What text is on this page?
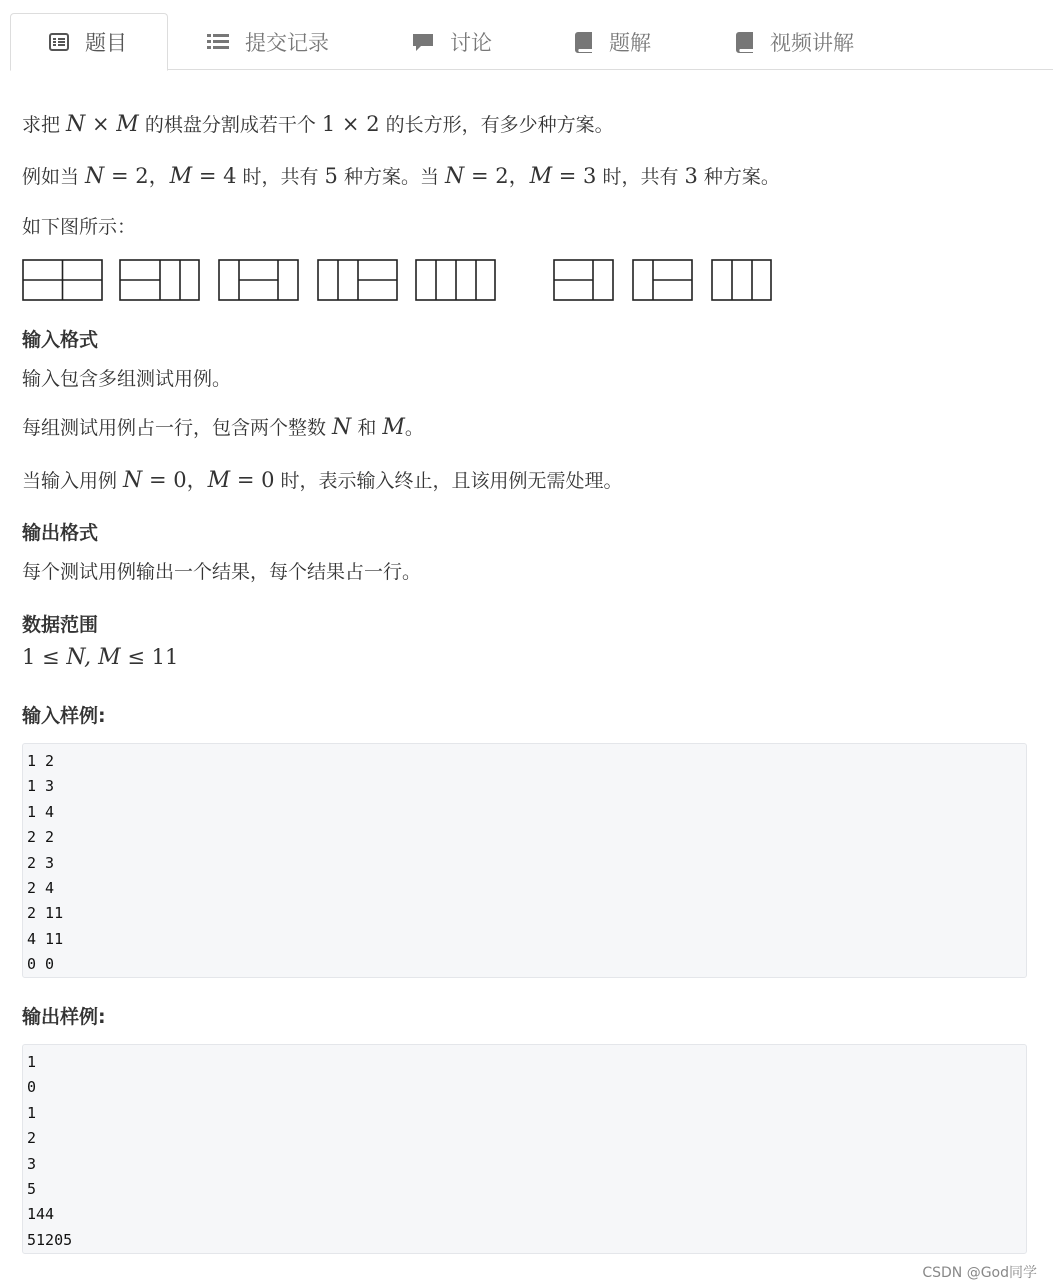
题目	提交记录	讨论	题解	视频讲解
求把 N × M 的棋盘分割成若干个 1 × 2 的长方形，有多少种方案。
例如当 N = 2，M = 4 时，共有 5 种方案。当 N = 2，M = 3 时，共有 3 种方案。
如下图所示：
输入格式
输入包含多组测试用例。
每组测试用例占一行，包含两个整数 N 和 M。
当输入用例 N = 0，M = 0 时，表示输入终止，且该用例无需处理。
输出格式
每个测试用例输出一个结果，每个结果占一行。
数据范围
1 ≤ N, M ≤ 11
输入样例:
1 2
1 3
1 4
2 2
2 3
2 4
2 11
4 11
0 0
输出样例:
1
0
1
2
3
5
144
51205
CSDN @God同学
